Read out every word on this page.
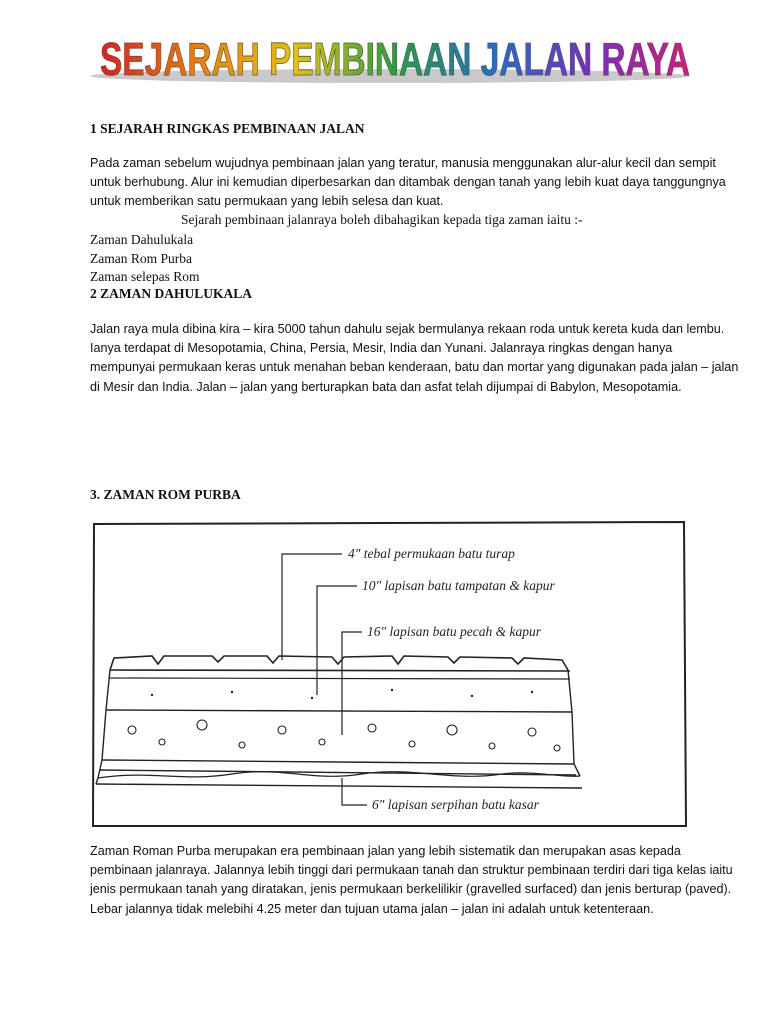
SEJARAH PEMBINAAN JALAN RAYA
1 SEJARAH RINGKAS PEMBINAAN JALAN

Pada zaman sebelum wujudnya pembinaan jalan yang teratur, manusia menggunakan alur-alur kecil dan sempit untuk berhubung. Alur ini kemudian diperbesarkan dan ditambak dengan tanah yang lebih kuat daya tanggungnya untuk memberikan satu permukaan yang lebih selesa dan kuat.

Sejarah pembinaan jalanraya boleh dibahagikan kepada tiga zaman iaitu :-

Zaman Dahulukala
Zaman Rom Purba
Zaman selepas Rom
2 ZAMAN DAHULUKALA

Jalan raya mula dibina kira – kira 5000 tahun dahulu sejak bermulanya rekaan roda untuk kereta kuda dan lembu. Ianya terdapat di Mesopotamia, China, Persia, Mesir, India dan Yunani. Jalanraya ringkas dengan hanya mempunyai permukaan keras untuk menahan beban kenderaan, batu dan mortar yang digunakan pada jalan – jalan di Mesir dan India. Jalan – jalan yang berturapkan bata dan asfat telah dijumpai di Babylon, Mesopotamia.

3. ZAMAN ROM PURBA
4" tebal permukaan batu turap
10" lapisan batu tampatan & kapur
16" lapisan batu pecah & kapur
6" lapisan serpihan batu kasar

Zaman Roman Purba merupakan era pembinaan jalan yang lebih sistematik dan merupakan asas kepada pembinaan jalanraya. Jalannya lebih tinggi dari permukaan tanah dan struktur pembinaan terdiri dari tiga kelas iaitu jenis permukaan tanah yang diratakan, jenis permukaan berkelilikir (gravelled surfaced) dan jenis berturap (paved). Lebar jalannya tidak melebihi 4.25 meter dan tujuan utama jalan – jalan ini adalah untuk ketenteraan.
